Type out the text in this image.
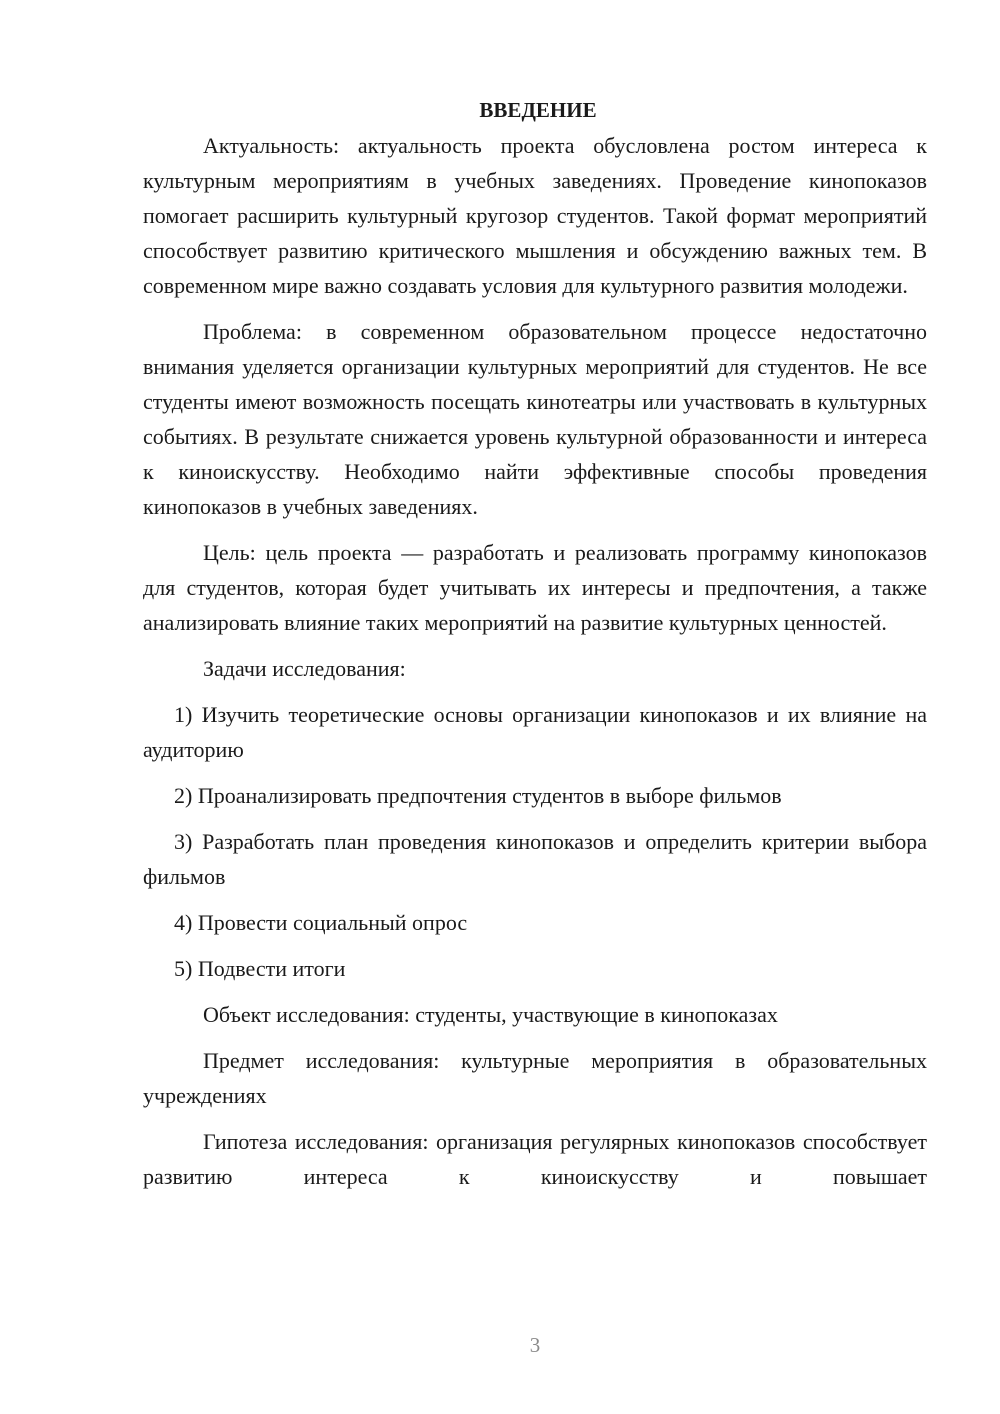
ВВЕДЕНИЕ

Актуальность: актуальность проекта обусловлена ростом интереса к культурным мероприятиям в учебных заведениях. Проведение кинопоказов помогает расширить культурный кругозор студентов. Такой формат мероприятий способствует развитию критического мышления и обсуждению важных тем. В современном мире важно создавать условия для культурного развития молодежи.

Проблема: в современном образовательном процессе недостаточно внимания уделяется организации культурных мероприятий для студентов. Не все студенты имеют возможность посещать кинотеатры или участвовать в культурных событиях. В результате снижается уровень культурной образованности и интереса к киноискусству. Необходимо найти эффективные способы проведения кинопоказов в учебных заведениях.

Цель: цель проекта — разработать и реализовать программу кинопоказов для студентов, которая будет учитывать их интересы и предпочтения, а также анализировать влияние таких мероприятий на развитие культурных ценностей.

Задачи исследования:

1) Изучить теоретические основы организации кинопоказов и их влияние на аудиторию

2) Проанализировать предпочтения студентов в выборе фильмов

3) Разработать план проведения кинопоказов и определить критерии выбора фильмов

4) Провести социальный опрос

5) Подвести итоги

Объект исследования: студенты, участвующие в кинопоказах

Предмет исследования: культурные мероприятия в образовательных учреждениях

Гипотеза исследования: организация регулярных кинопоказов способствует развитию интереса к киноискусству и повышает

3
